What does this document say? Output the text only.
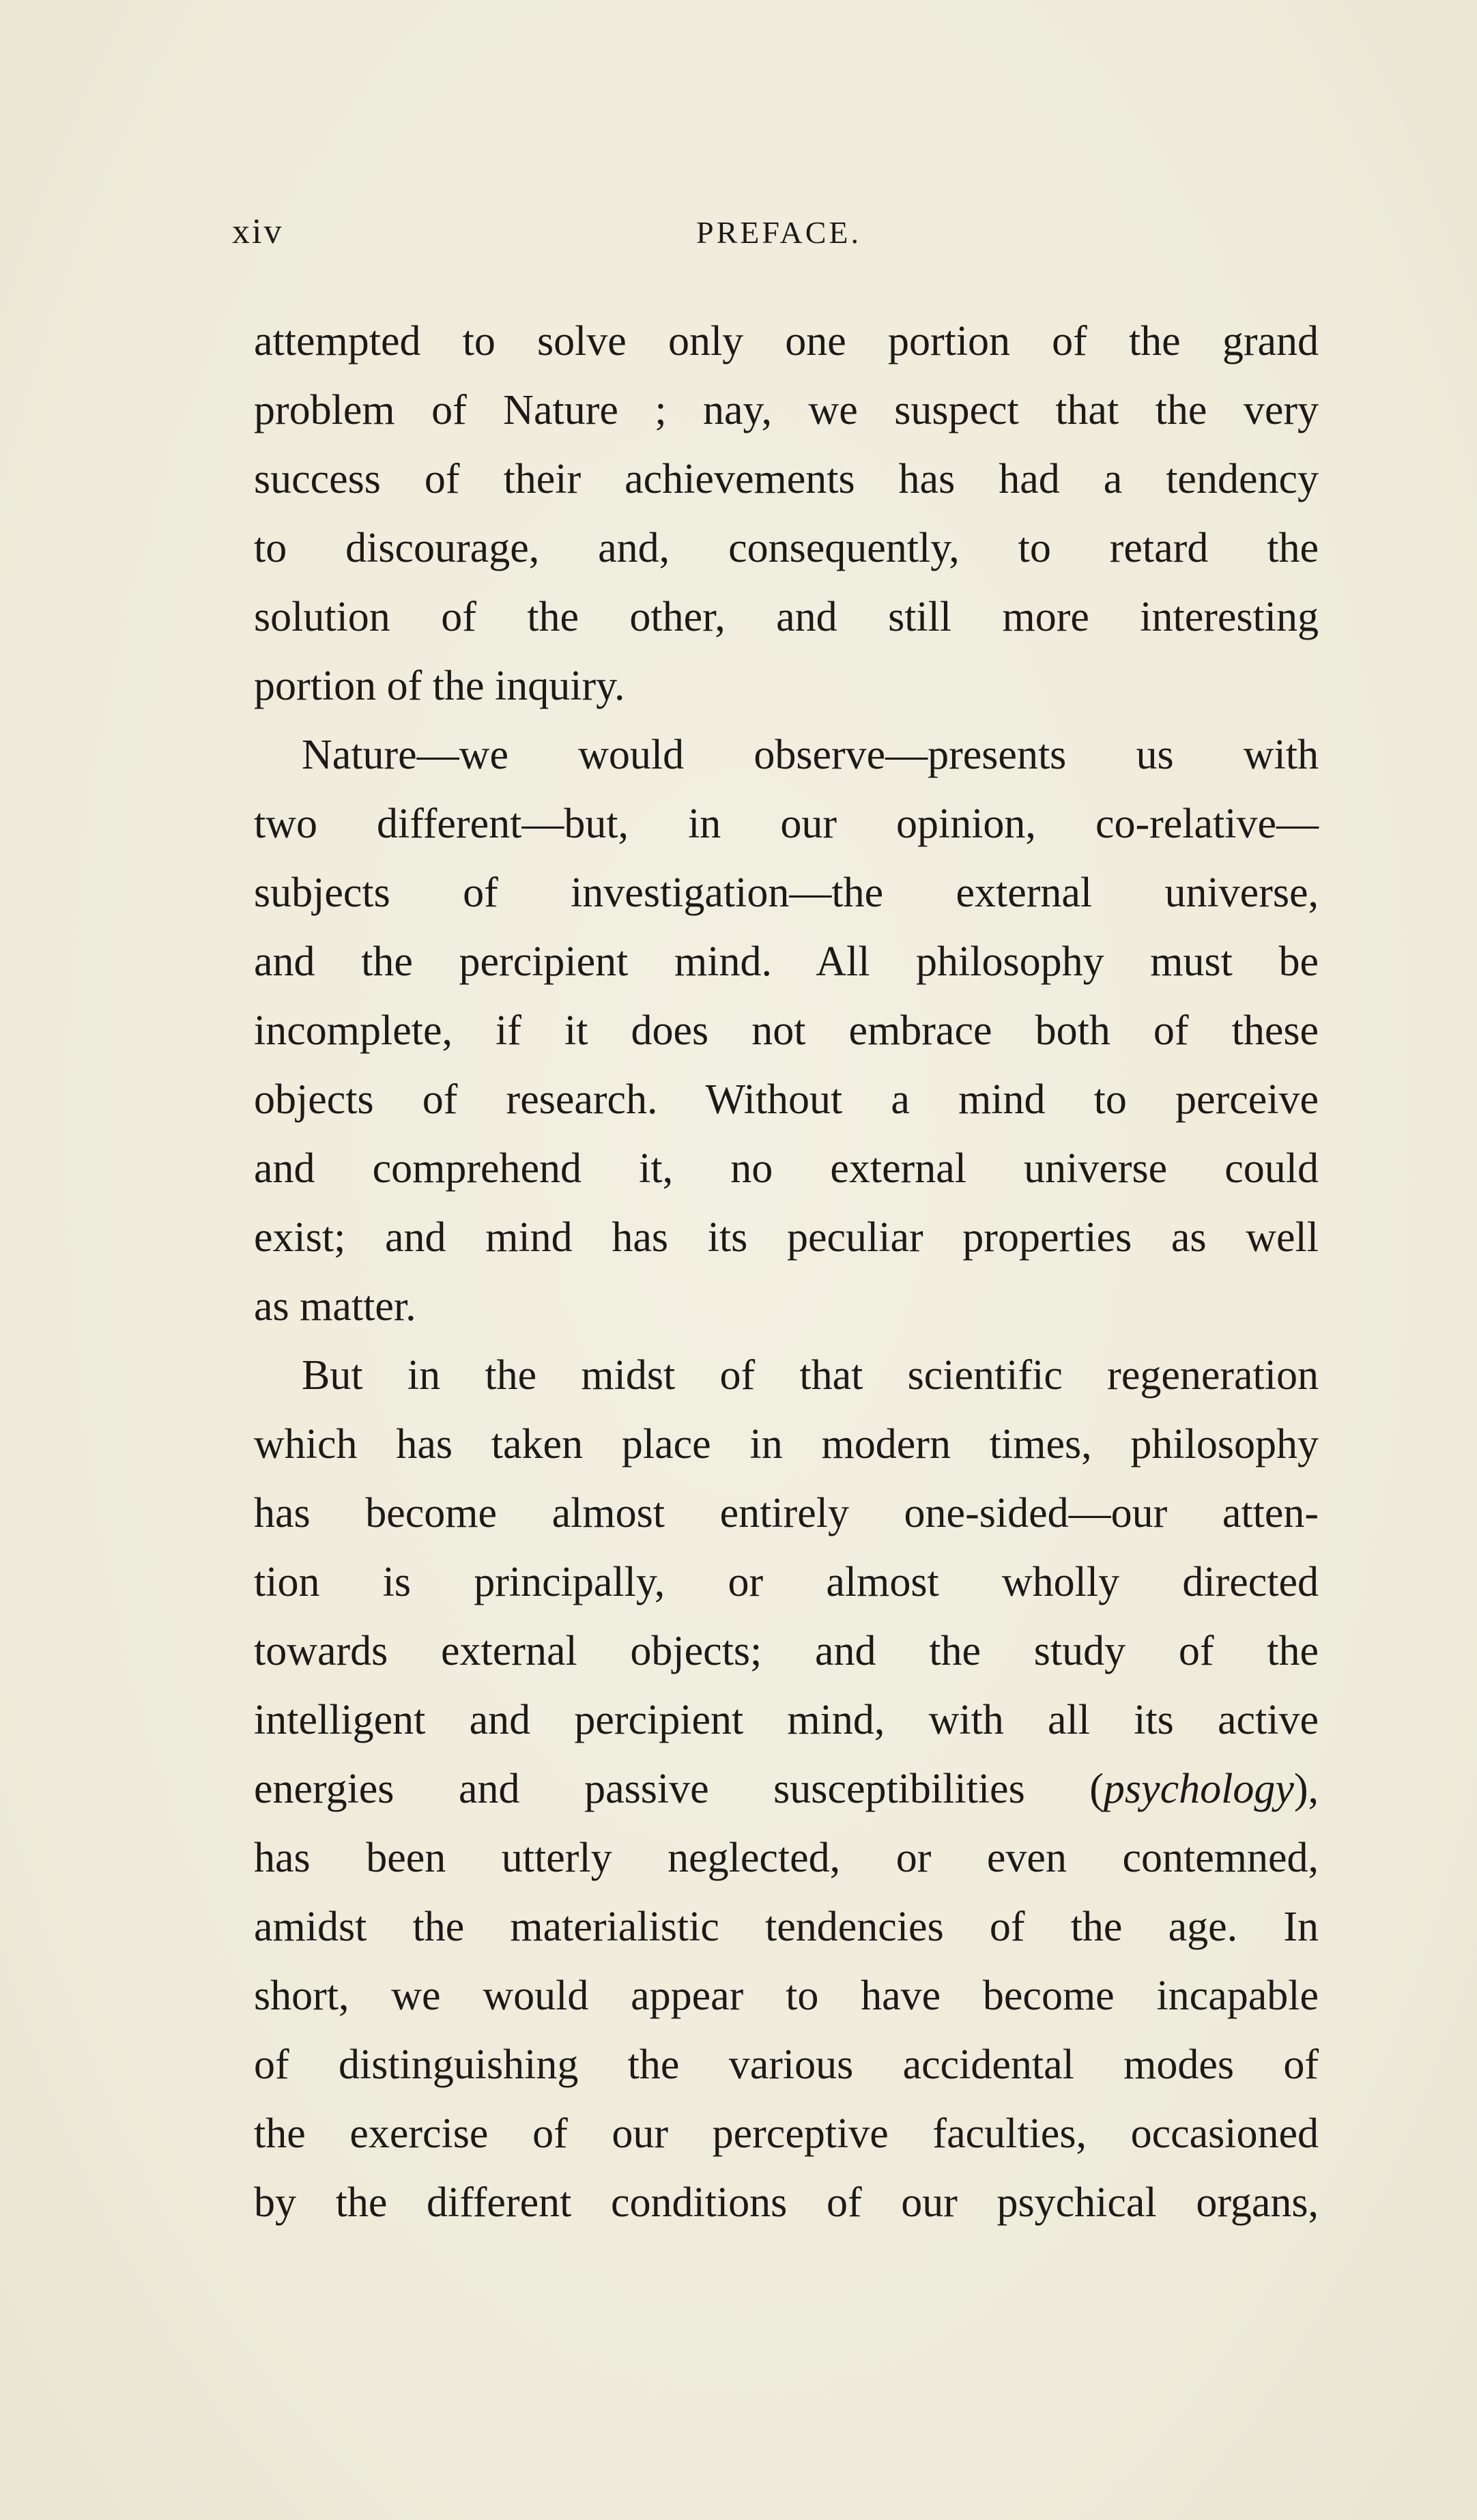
xiv	PREFACE.
attempted to solve only one portion of the grand
problem of Nature ; nay, we suspect that the very
success of their achievements has had a tendency
to discourage, and, consequently, to retard the
solution of the other, and still more interesting
portion of the inquiry.
Nature—we would observe—presents us with
two different—but, in our opinion, co-relative—
subjects of investigation—the external universe,
and the percipient mind. All philosophy must be
incomplete, if it does not embrace both of these
objects of research. Without a mind to perceive
and comprehend it, no external universe could
exist; and mind has its peculiar properties as well
as matter.
But in the midst of that scientific regeneration
which has taken place in modern times, philosophy
has become almost entirely one-sided—our atten-
tion is principally, or almost wholly directed
towards external objects; and the study of the
intelligent and percipient mind, with all its active
energies and passive susceptibilities (psychology),
has been utterly neglected, or even contemned,
amidst the materialistic tendencies of the age. In
short, we would appear to have become incapable
of distinguishing the various accidental modes of
the exercise of our perceptive faculties, occasioned
by the different conditions of our psychical organs,
